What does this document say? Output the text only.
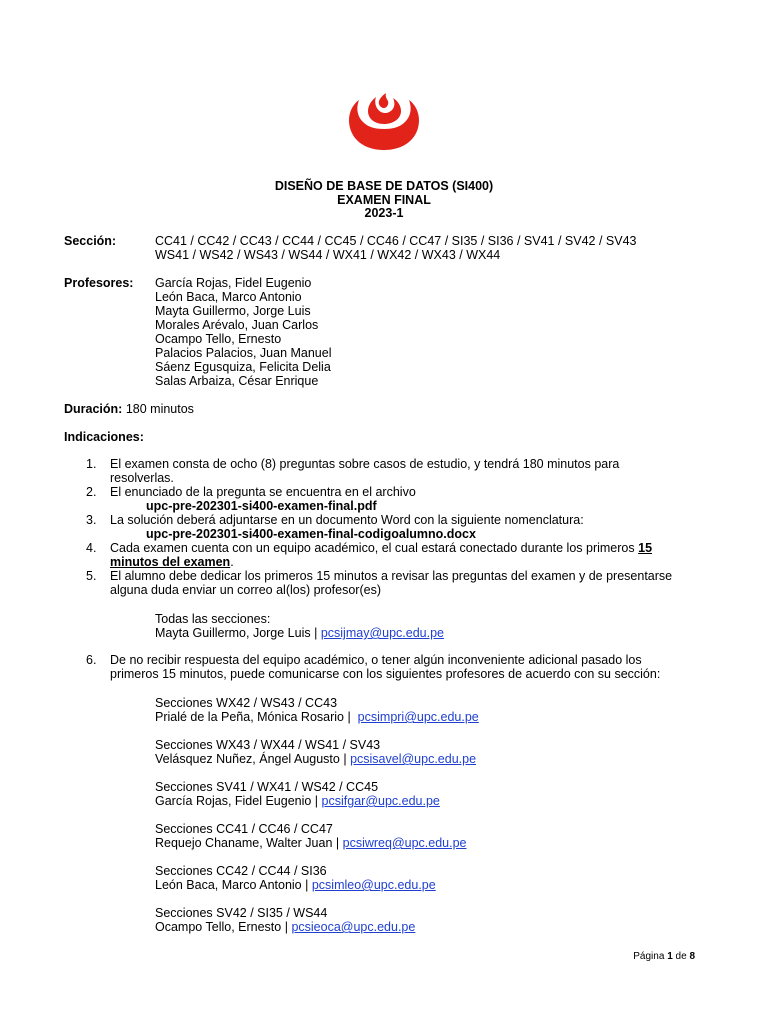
DISEÑO DE BASE DE DATOS (SI400)
EXAMEN FINAL
2023-1
Sección:	CC41 / CC42 / CC43 / CC44 / CC45 / CC46 / CC47 / SI35 / SI36 / SV41 / SV42 / SV43
WS41 / WS42 / WS43 / WS44 / WX41 / WX42 / WX43 / WX44
Profesores: García Rojas, Fidel Eugenio
León Baca, Marco Antonio
Mayta Guillermo, Jorge Luis
Morales Arévalo, Juan Carlos
Ocampo Tello, Ernesto
Palacios Palacios, Juan Manuel
Sáenz Egusquiza, Felicita Delia
Salas Arbaiza, César Enrique
Duración: 180 minutos
Indicaciones:
1. El examen consta de ocho (8) preguntas sobre casos de estudio, y tendrá 180 minutos para
resolverlas.
2. El enunciado de la pregunta se encuentra en el archivo
upc-pre-202301-si400-examen-final.pdf
3. La solución deberá adjuntarse en un documento Word con la siguiente nomenclatura:
upc-pre-202301-si400-examen-final-codigoalumno.docx
4. Cada examen cuenta con un equipo académico, el cual estará conectado durante los primeros 15
minutos del examen.
5. El alumno debe dedicar los primeros 15 minutos a revisar las preguntas del examen y de presentarse
alguna duda enviar un correo al(los) profesor(es)
Todas las secciones:
Mayta Guillermo, Jorge Luis | pcsijmay@upc.edu.pe
6. De no recibir respuesta del equipo académico, o tener algún inconveniente adicional pasado los
primeros 15 minutos, puede comunicarse con los siguientes profesores de acuerdo con su sección:
Secciones WX42 / WS43 / CC43
Prialé de la Peña, Mónica Rosario | pcsimpri@upc.edu.pe
Secciones WX43 / WX44 / WS41 / SV43
Velásquez Nuñez, Ángel Augusto | pcsisavel@upc.edu.pe
Secciones SV41 / WX41 / WS42 / CC45
García Rojas, Fidel Eugenio | pcsifgar@upc.edu.pe
Secciones CC41 / CC46 / CC47
Requejo Chaname, Walter Juan | pcsiwreq@upc.edu.pe
Secciones CC42 / CC44 / SI36
León Baca, Marco Antonio | pcsimleo@upc.edu.pe
Secciones SV42 / SI35 / WS44
Ocampo Tello, Ernesto | pcsieoca@upc.edu.pe
Página 1 de 8
